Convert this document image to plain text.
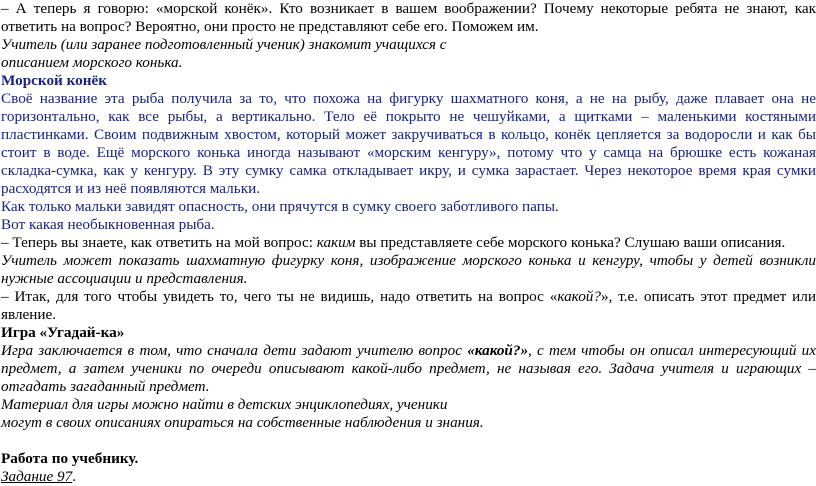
– А теперь я говорю: «морской конёк». Кто возникает в вашем воображении? Почему некоторые ребята не знают, как ответить на вопрос? Вероятно, они просто не представляют себе его. Поможем им.

Учитель (или заранее подготовленный ученик) знакомит учащихся с

описанием морского конька.

Морской конёк

Своё название эта рыба получила за то, что похожа на фигурку шахматного коня, а не на рыбу, даже плавает она не горизонтально, как все рыбы, а вертикально. Тело её покрыто не чешуйками, а щитками – маленькими костяными пластинками. Своим подвижным хвостом, который может закручиваться в кольцо, конёк цепляется за водоросли и как бы стоит в воде. Ещё морского конька иногда называют «морским кенгуру», потому что у самца на брюшке есть кожаная складка-сумка, как у кенгуру. В эту сумку самка откладывает икру, и сумка зарастает. Через некоторое время края сумки расходятся и из неё появляются мальки.

Как только мальки завидят опасность, они прячутся в сумку своего заботливого папы.

Вот какая необыкновенная рыба.

– Теперь вы знаете, как ответить на мой вопрос: каким вы представляете себе морского конька? Слушаю ваши описания.

Учитель может показать шахматную фигурку коня, изображение морского конька и кенгуру, чтобы у детей возникли нужные ассоциации и представления.

– Итак, для того чтобы увидеть то, чего ты не видишь, надо ответить на вопрос «какой?», т.е. описать этот предмет или явление.

Игра «Угадай-ка»

Игра заключается в том, что сначала дети задают учителю вопрос «какой?», с тем чтобы он описал интересующий их предмет, а затем ученики по очереди описывают какой-либо предмет, не называя его. Задача учителя и играющих – отгадать загаданный предмет.

Материал для игры можно найти в детских энциклопедиях, ученики

могут в своих описаниях опираться на собственные наблюдения и знания.

Работа по учебнику.

Задание 97.
